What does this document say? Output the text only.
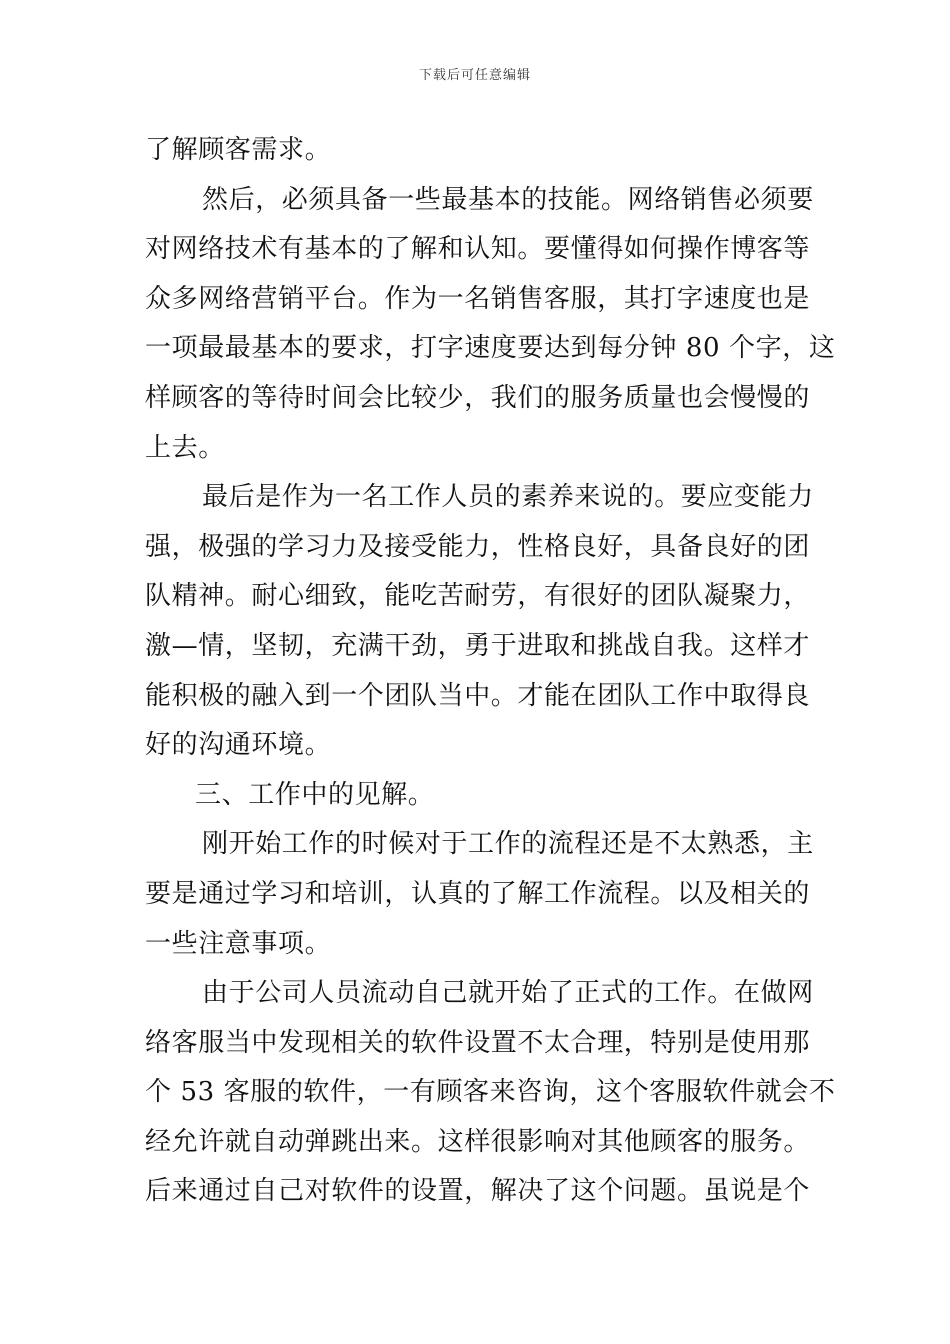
下载后可任意编辑
了解顾客需求。
然后，必须具备一些最基本的技能。网络销售必须要
对网络技术有基本的了解和认知。要懂得如何操作博客等
众多网络营销平台。作为一名销售客服，其打字速度也是
一项最最基本的要求，打字速度要达到每分钟 80 个字，这
样顾客的等待时间会比较少，我们的服务质量也会慢慢的
上去。
最后是作为一名工作人员的素养来说的。要应变能力
强，极强的学习力及接受能力，性格良好，具备良好的团
队精神。耐心细致，能吃苦耐劳，有很好的团队凝聚力，
激—情，坚韧，充满干劲，勇于进取和挑战自我。这样才
能积极的融入到一个团队当中。才能在团队工作中取得良
好的沟通环境。
三、工作中的见解。
刚开始工作的时候对于工作的流程还是不太熟悉，主
要是通过学习和培训，认真的了解工作流程。以及相关的
一些注意事项。
由于公司人员流动自己就开始了正式的工作。在做网
络客服当中发现相关的软件设置不太合理，特别是使用那
个 53 客服的软件，一有顾客来咨询，这个客服软件就会不
经允许就自动弹跳出来。这样很影响对其他顾客的服务。
后来通过自己对软件的设置，解决了这个问题。虽说是个
